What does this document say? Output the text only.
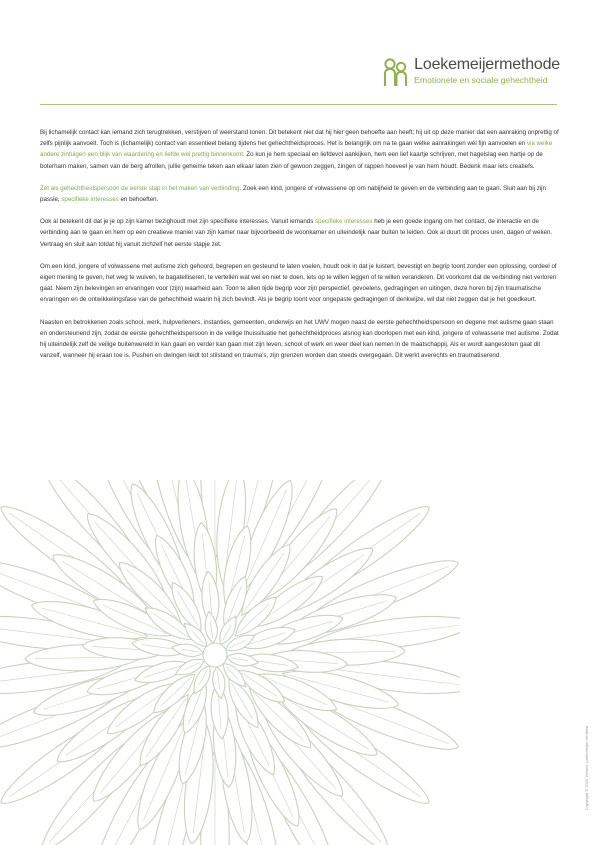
Loekemeijermethode
Emotionele en sociale gehechtheid

Bij lichamelijk contact kan iemand zich terugtrekken, verstijven of weerstand tonen. Dit betekent niet dat hij hier geen behoefte aan heeft; hij uit op deze manier dat een aanraking onprettig of zelfs pijnlijk aanvoelt. Toch is (lichamelijk) contact van essentieel belang tijdens het gehechtheidsproces. Het is belangrijk om na te gaan welke aanrakingen wél fijn aanvoelen en via welke andere zintuigen een blijk van waardering en liefde wel prettig binnenkomt. Zo kun je hem speciaal en liefdevol aankijken, hem een lief kaartje schrijven, met hagelslag een hartje op de boterham maken, samen van de berg afrollen, jullie geheime teken aan elkaar laten zien of gewoon zeggen, zingen of rappen hoeveel je van hem houdt. Bedenk maar iets creatiefs.

Zet als gehechtheidspersoon de eerste stap in het maken van verbinding. Zoek een kind, jongere of volwassene op om nabijheid te geven en de verbinding aan te gaan. Sluit aan bij zijn passie, specifieke interesses en behoeften.

Ook al betekent dit dat je je op zijn kamer bezighoudt met zijn specifieke interesses. Vanuit iemands specifieke interesses heb je een goede ingang om het contact, de interactie en de verbinding aan te gaan en hem op een creatieve manier van zijn kamer naar bijvoorbeeld de woonkamer en uiteindelijk naar buiten te leiden. Ook al duurt dit proces uren, dagen of weken. Vertraag en sluit aan totdat hij vanuit zichzelf het eerste stapje zet.

Om een kind, jongere of volwassene met autisme zich gehoord, begrepen en gesteund te laten voelen, houdt ook in dat je luistert, bevestigt en begrip toont zonder een oplossing, oordeel of eigen mening te geven, het weg te wuiven, te bagatelliseren, te vertellen wat wel en niet te doen, iets op te willen leggen of te willen veranderen. Dit voorkomt dat de verbinding niet verloren gaat. Neem zijn belevingen en ervaringen voor (zijn) waarheid aan. Toon te allen tijde begrip voor zijn perspectief, gevoelens, gedragingen en uitingen, deze horen bij zijn traumatische ervaringen en de ontwikkelingsfase van de gehechtheid waarin hij zich bevindt. Als je begrip toont voor ongepaste gedragingen of denkwijze, wil dat niet zeggen dat je het goedkeurt.

Naasten en betrokkenen zoals school, werk, hulpverleners, instanties, gemeenten, onderwijs en het UWV mogen naast de eerste gehechtheidspersoon en degene met autisme gaan staan en ondersteunend zijn, zodat de eerste gehechtheidspersoon in de veilige thuissituatie het gehechtheidproces alsnog kan doorlopen met een kind, jongere of volwassene met autisme. Zodat hij uiteindelijk zelf de veilige buitenwereld in kan gaan en verder kan gaan met zijn leven, school of werk en weer deel kan nemen in de maatschappij. Als er wordt aangesloten gaat dit vanzelf, wanneer hij eraan toe is. Pushen en dwingen leidt tot stilstand en trauma's, zijn grenzen worden dan steeds overgegaan. Dit werkt averechts en traumatiserend.

Copyright © 2023 Yvonne Loekemeijer-Verhelst
